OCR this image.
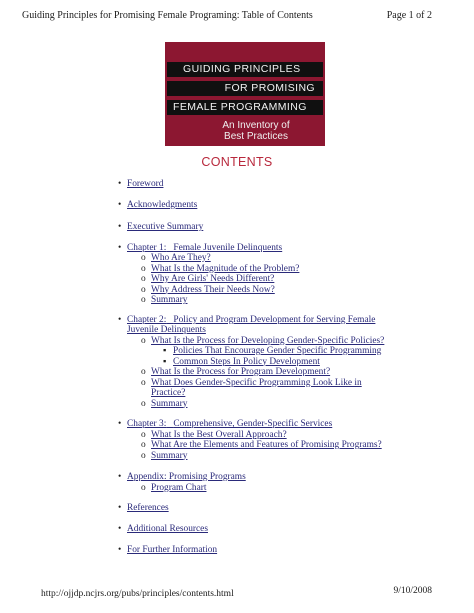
Guiding Principles for Promising Female Programing: Table of Contents	Page 1 of 2
GUIDING PRINCIPLES
FOR PROMISING
FEMALE PROGRAMMING
An Inventory of
Best Practices
CONTENTS
• Foreword
• Acknowledgments
• Executive Summary
• Chapter 1: Female Juvenile Delinquents
o Who Are They?
o What Is the Magnitude of the Problem?
o Why Are Girls' Needs Different?
o Why Address Their Needs Now?
o Summary
• Chapter 2: Policy and Program Development for Serving Female
Juvenile Delinquents
o What Is the Process for Developing Gender-Specific Policies?
▪ Policies That Encourage Gender Specific Programming
▪ Common Steps In Policy Development
o What Is the Process for Program Development?
o What Does Gender-Specific Programming Look Like in
Practice?
o Summary
• Chapter 3: Comprehensive, Gender-Specific Services
o What Is the Best Overall Approach?
o What Are the Elements and Features of Promising Programs?
o Summary
• Appendix: Promising Programs
o Program Chart
• References
• Additional Resources
• For Further Information
http://ojjdp.ncjrs.org/pubs/principles/contents.html	9/10/2008
